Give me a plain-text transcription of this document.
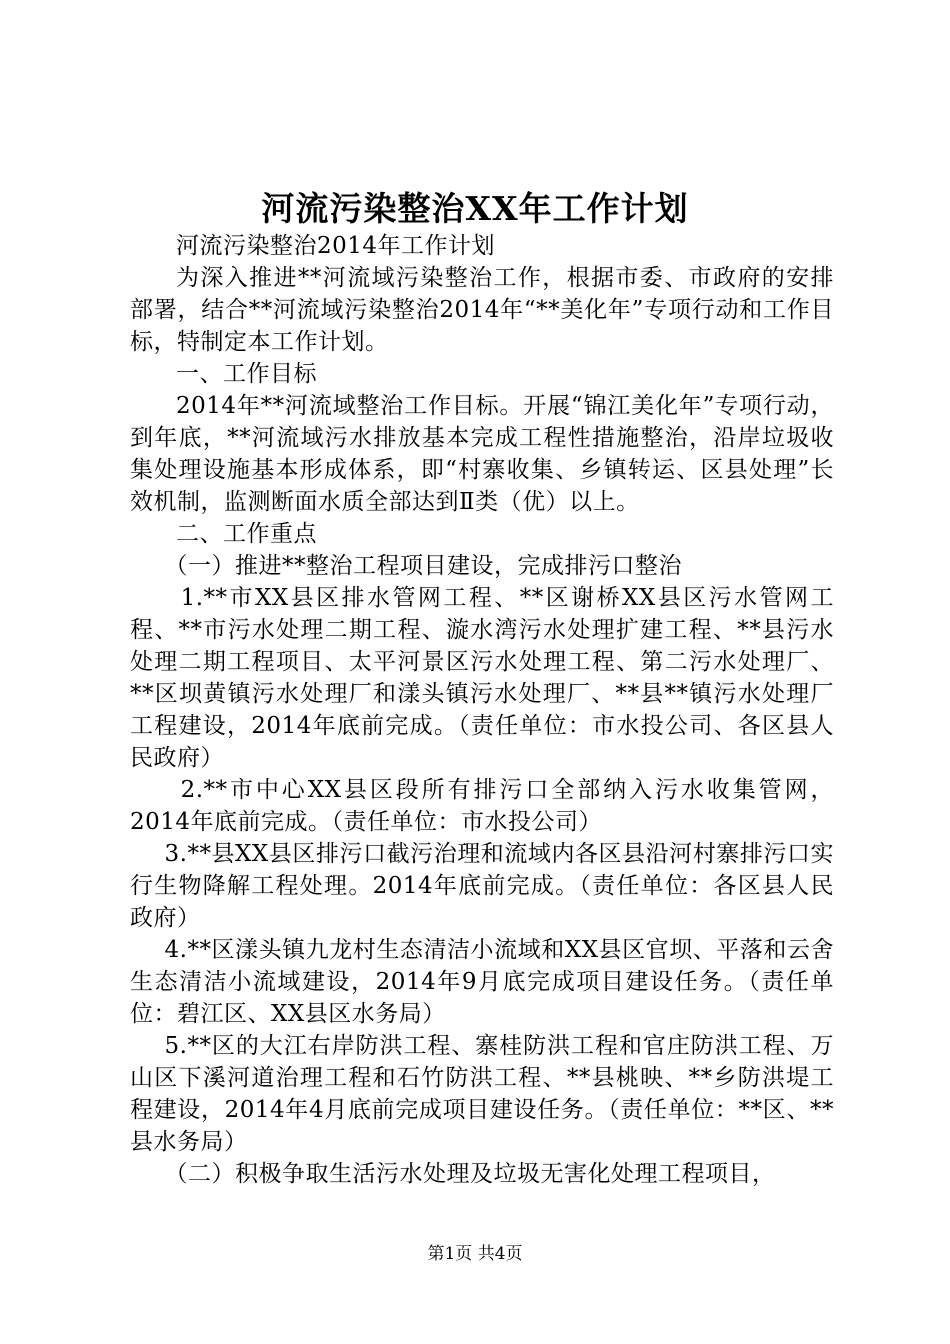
河流污染整治XX年工作计划

河流污染整治2014年工作计划

为深入推进**河流域污染整治工作，根据市委、市政府的安排部署，结合**河流域污染整治2014年“**美化年”专项行动和工作目标，特制定本工作计划。

一、工作目标

2014年**河流域整治工作目标。开展“锦江美化年”专项行动，到年底，**河流域污水排放基本完成工程性措施整治，沿岸垃圾收集处理设施基本形成体系，即“村寨收集、乡镇转运、区县处理”长效机制，监测断面水质全部达到Ⅱ类（优）以上。

二、工作重点

（一）推进**整治工程项目建设，完成排污口整治

1.**市XX县区排水管网工程、**区谢桥XX县区污水管网工程、**市污水处理二期工程、漩水湾污水处理扩建工程、**县污水处理二期工程项目、太平河景区污水处理工程、第二污水处理厂、**区坝黄镇污水处理厂和漾头镇污水处理厂、**县**镇污水处理厂工程建设，2014年底前完成。（责任单位：市水投公司、各区县人民政府）

2.**市中心XX县区段所有排污口全部纳入污水收集管网，2014年底前完成。（责任单位：市水投公司）

3.**县XX县区排污口截污治理和流域内各区县沿河村寨排污口实行生物降解工程处理。2014年底前完成。（责任单位：各区县人民政府）

4.**区漾头镇九龙村生态清洁小流域和XX县区官坝、平落和云舍生态清洁小流域建设，2014年9月底完成项目建设任务。（责任单位：碧江区、XX县区水务局）

5.**区的大江右岸防洪工程、寨桂防洪工程和官庄防洪工程、万山区下溪河道治理工程和石竹防洪工程、**县桃映、**乡防洪堤工程建设，2014年4月底前完成项目建设任务。（责任单位：**区、**县水务局）

（二）积极争取生活污水处理及垃圾无害化处理工程项目，

第1页 共4页
